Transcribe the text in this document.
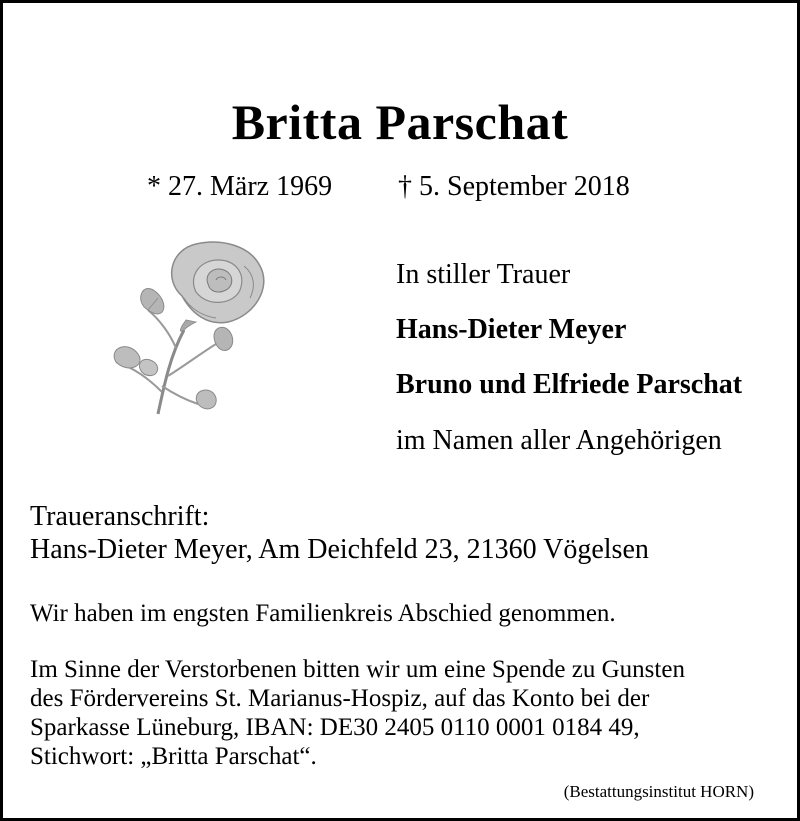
Britta Parschat
* 27. März 1969 † 5. September 2018
In stiller Trauer
Hans-Dieter Meyer
Bruno und Elfriede Parschat
im Namen aller Angehörigen
Traueranschrift:
Hans-Dieter Meyer, Am Deichfeld 23, 21360 Vögelsen
Wir haben im engsten Familienkreis Abschied genommen.
Im Sinne der Verstorbenen bitten wir um eine Spende zu Gunsten
des Fördervereins St. Marianus-Hospiz, auf das Konto bei der
Sparkasse Lüneburg, IBAN: DE30 2405 0110 0001 0184 49,
Stichwort: „Britta Parschat“.
(Bestattungsinstitut HORN)
